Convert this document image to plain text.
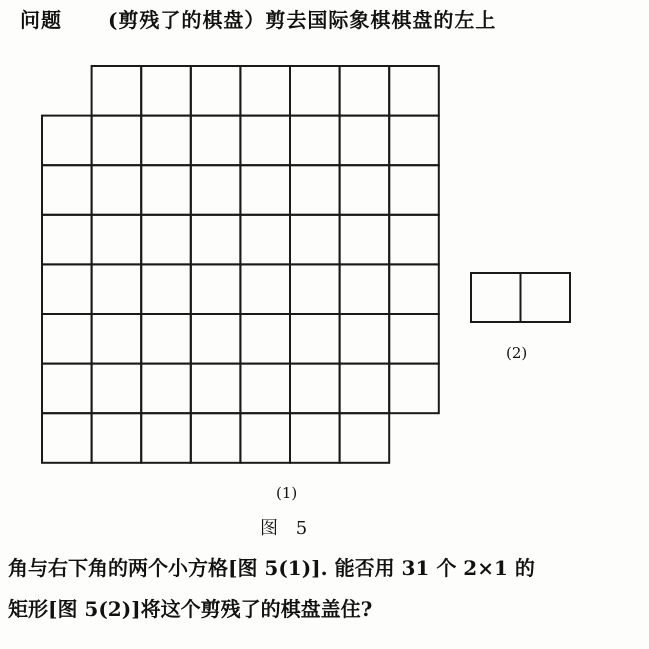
问题 (剪残了的棋盘）剪去国际象棋棋盘的左上
(1)
(2)
图 5
角与右下角的两个小方格[图 5(1)]. 能否用 31 个 2×1 的
矩形[图 5(2)]将这个剪残了的棋盘盖住?
